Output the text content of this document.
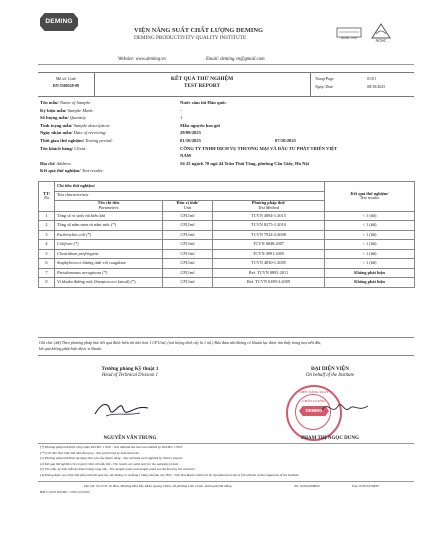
DEMING
VIỆN NĂNG SUẤT CHẤT LƯỢNG DEMING
DEMING PRODUCTIVITY QUALITY INSTITUTE	ISO/IEC 17025	AOSC
Website: www.deming.vn	Email: deming.vn@gmail.com
Mã số/ Code
BN 5500528-08
KẾT QUẢ THỬ NGHIỆM
TEST REPORT
Trang/Page	01/01
Ngày/ Date	08/10/2025
Tên mẫu/ Name of Sample:	Nước sâm túi Hàn quốc
Ký hiệu mẫu/ Sample Mark:	-
Số lượng mẫu/ Quantity	1
Tình trạng mẫu/ Sample description:	Mẫu nguyên bao gói
Ngày nhận mẫu/ Date of receiving:	29/09/2025
Thời gian thử nghiệm/ Testing period:	01/10/2025	07/10/2025
Tên khách hàng/ Client:	CÔNG TY TNHH DỊCH VỤ THƯƠNG MẠI VÀ ĐẦU TƯ PHÁT TRIỂN VIỆT
NAM
Địa chỉ/ Address	Số 25 ngách 70 ngõ 44 Trần Thái Tông, phường Cầu Giấy, Hà Nội
Kết quả thử nghiệm/ Test results:
TT/
No	Chỉ tiêu thử nghiệm/			Kết quả thử nghiệm/
Test results
	Test characteristic			
	Tên chỉ tiêu
Parameters	Đơn vị tính/
Unit	Phương pháp thử/
Test Method	
1	Tổng số vi sinh vật hiếu khí	CFU/ml	TCVN 4884-1:2015	< 1 (##)
2	Tổng số nấm men và nấm mốc (*)	CFU/ml	TCVN 8275-1:2010	< 1 (##)
3	Escherichia coli (*)	CFU/ml	TCVN 7924-2:2008	< 1 (##)
4	Coliform (*)	CFU/ml	TCVN 6848:2007	< 1 (##)
5	Clostridium perfringens	CFU/ml	TCVN 4991:2005	< 1 (##)
6	Staphylococci dương tính với coagulase	CFU/ml	TCVN 4830-1:2005	< 1 (##)
7	Pseudomonas aeruginosa (*)	CFU/ml	Ref. TCVN 8881:2011	Không phát hiện
8	Vi khuẩn đường ruột (Streptococci faecal) (*)	CFU/ml	Ref. TCVN 6189-2:2009	Không phát hiện
Ghi chú: (##) Theo phương pháp thử, kết quả được biểu thị nhỏ hơn 1 CFU/ml, (nơi lượng dịch cấy là 1 ml.) Bảo đảm nếu không có khuẩn lạc được tìm thấy trong mọi nền đĩa,
kết quả không phát hiện được vi khuẩn.
Trưởng phòng Kỹ thuật 1
Head of Technical Division 1
NGUYỄN VĂN TRUNG
ĐẠI DIỆN VIỆN
On behalf of the Institute
VIỆN NĂNG SUẤT
CHẤT LƯỢNG
DEMING
PHẠM THỊ NGỌC DUNG
(*) Phương pháp thử được công nhận ISO/IEC 17025 - Test Method has been accredited by ISO/IEC 17025
(**) Chỉ tiêu thực hiện bởi nhà thầu phụ - Test performed by Subcontractor
(1) Phương pháp thử được áp dụng theo yêu cầu khách hàng - Test methods were applied by client's request
(2) Kết quả thử nghiệm chỉ có giá trị đối với mẫu thử - The results are valid only for the sample(s) tested
(3) Tên mẫu, ký hiệu mẫu do khách hàng cung cấp - The sample name and sample mark are declared by the customer
(4) Không được sao chép một phần bản kết quả này nếu không có sự đồng ý bằng văn bản của Viện - This Test Report shall not be reproduced except in full without written approval of the Institute
Địa chỉ: Số 25 Đ. Lê Hoa, Phường Hòa Mỹ, KĐG Quang Thịnh, Số phường Liên Chiểu, thành phố Đà Nẵng	Tel: 0236.6266829	Fax: 0236.6176839
BM 5.10.03 ISO/IEC 17025 01/2022
